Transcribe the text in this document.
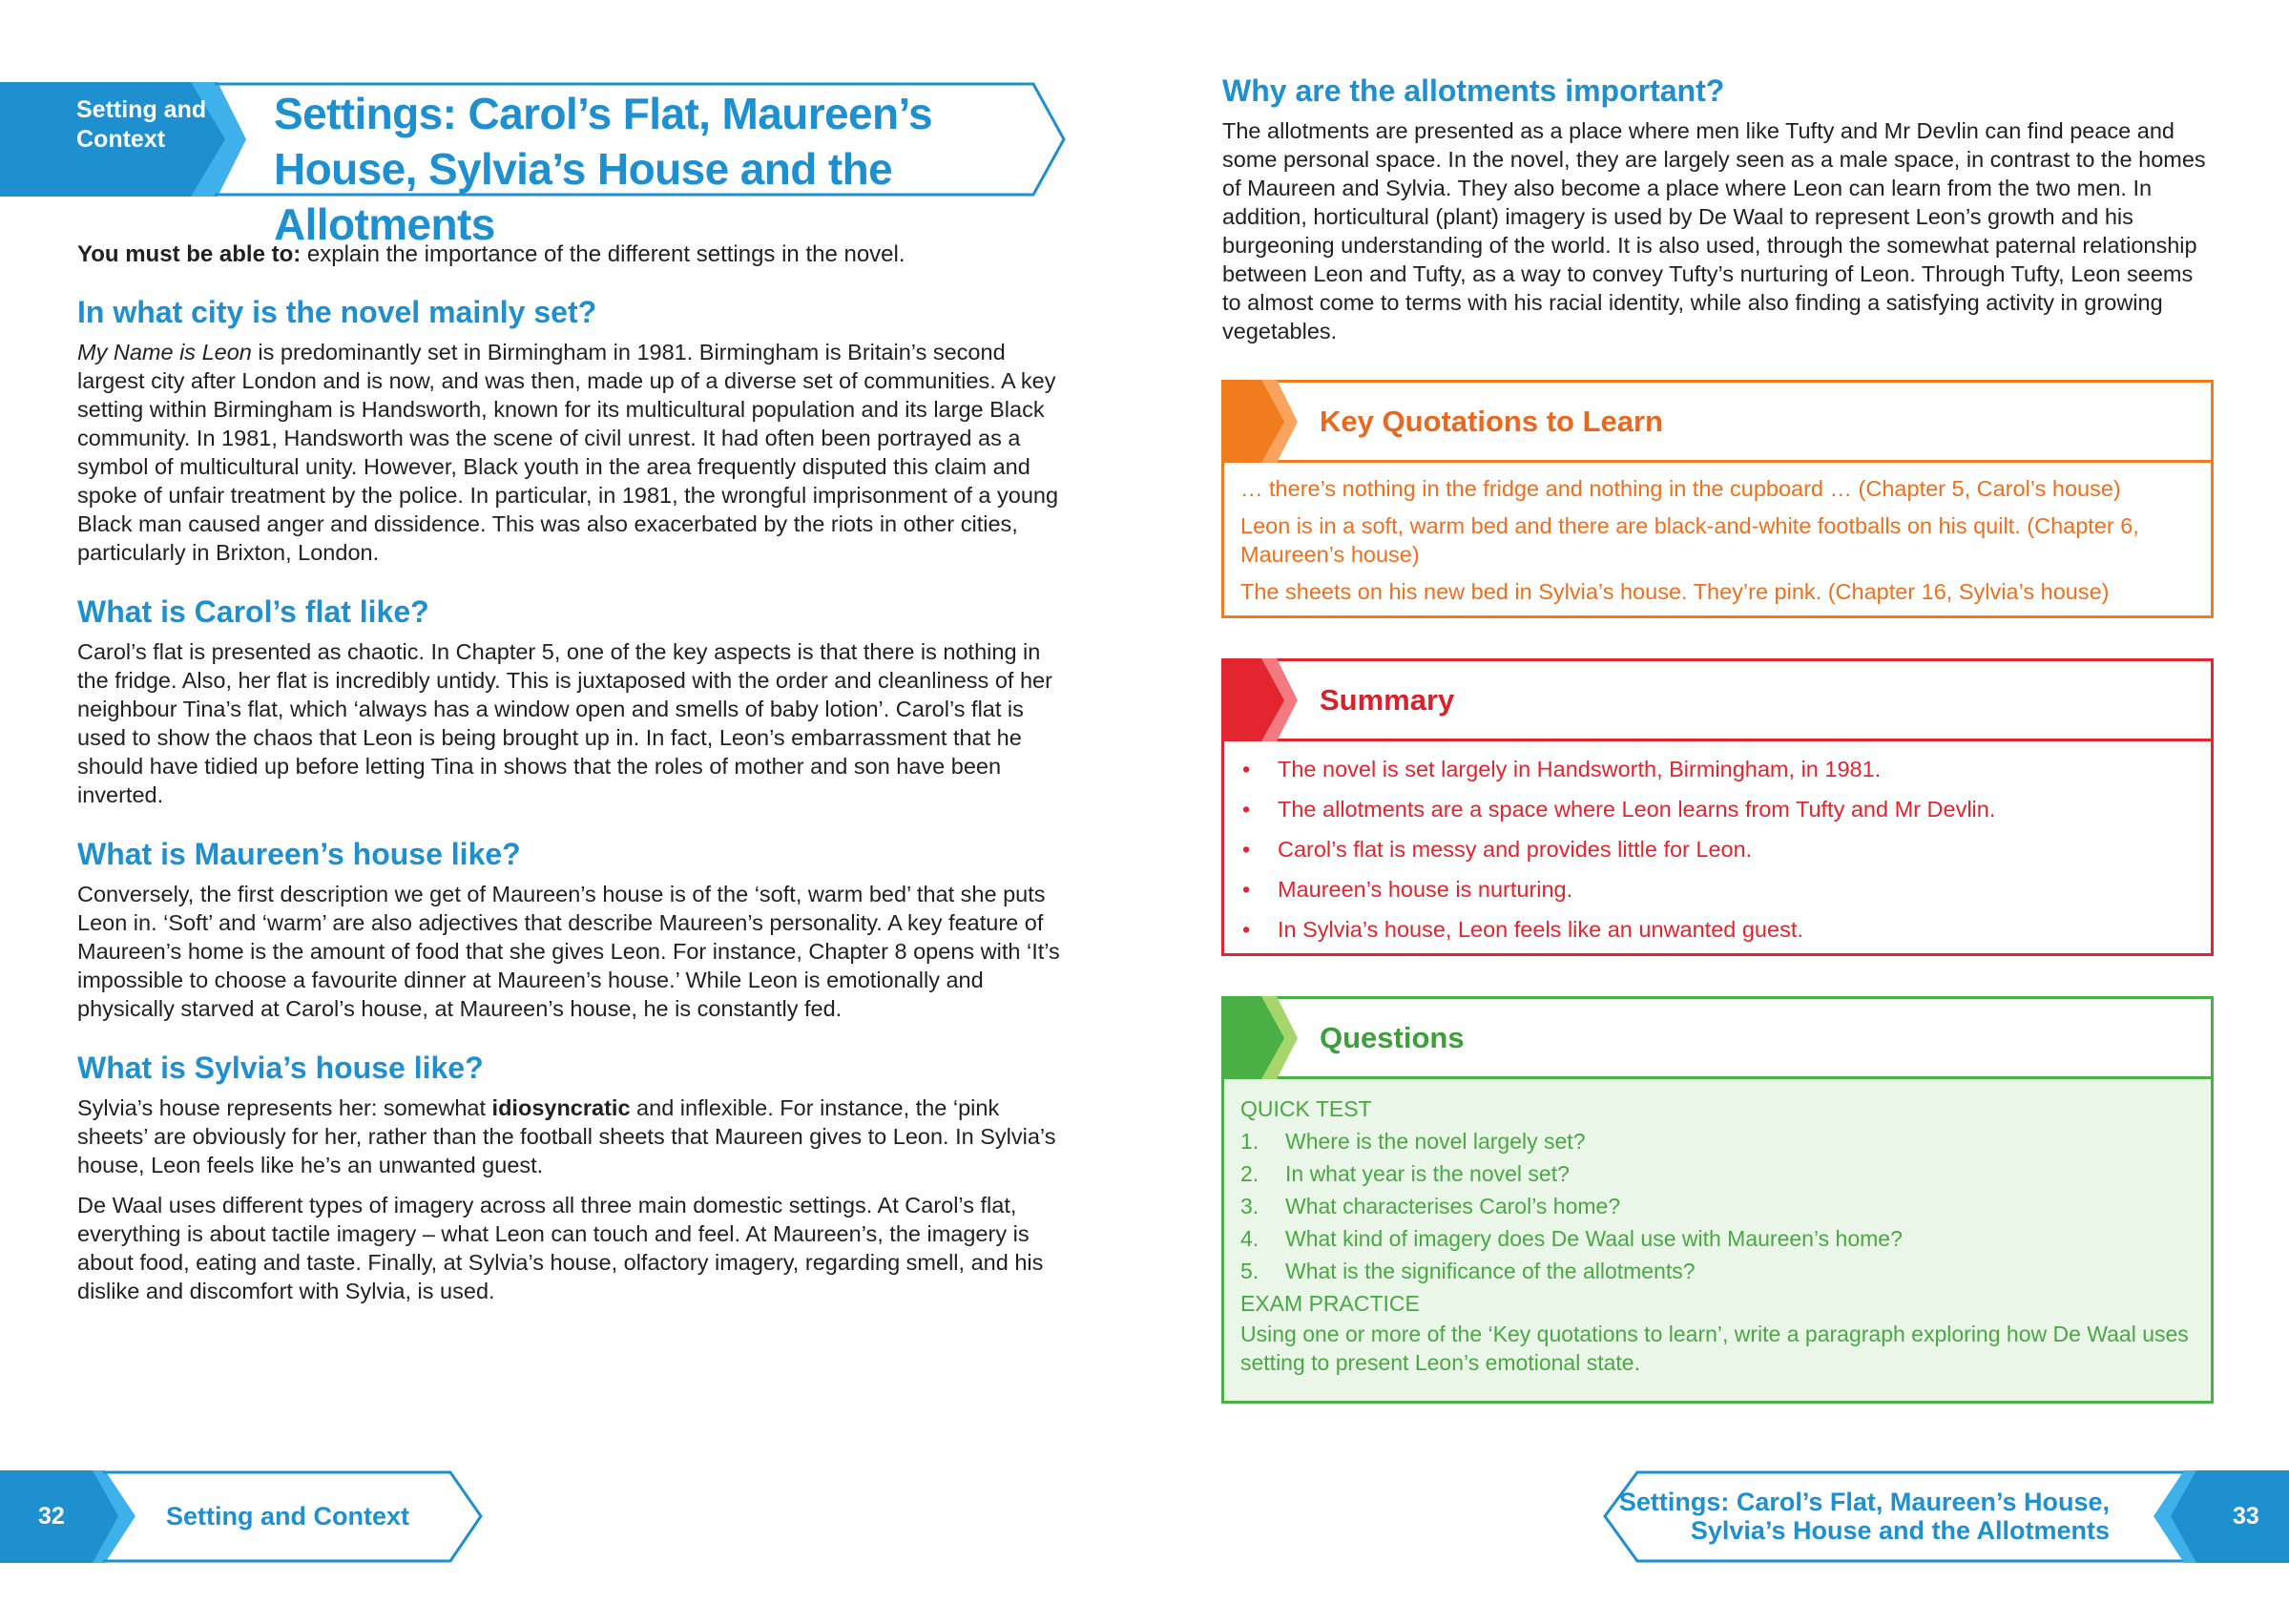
Setting and Context
Settings: Carol’s Flat, Maureen’s House, Sylvia’s House and the Allotments

You must be able to: explain the importance of the different settings in the novel.

In what city is the novel mainly set?

My Name is Leon is predominantly set in Birmingham in 1981. Birmingham is Britain’s second largest city after London and is now, and was then, made up of a diverse set of communities. A key setting within Birmingham is Handsworth, known for its multicultural population and its large Black community. In 1981, Handsworth was the scene of civil unrest. It had often been portrayed as a symbol of multicultural unity. However, Black youth in the area frequently disputed this claim and spoke of unfair treatment by the police. In particular, in 1981, the wrongful imprisonment of a young Black man caused anger and dissidence. This was also exacerbated by the riots in other cities, particularly in Brixton, London.

What is Carol’s flat like?

Carol’s flat is presented as chaotic. In Chapter 5, one of the key aspects is that there is nothing in the fridge. Also, her flat is incredibly untidy. This is juxtaposed with the order and cleanliness of her neighbour Tina’s flat, which ‘always has a window open and smells of baby lotion’. Carol’s flat is used to show the chaos that Leon is being brought up in. In fact, Leon’s embarrassment that he should have tidied up before letting Tina in shows that the roles of mother and son have been inverted.

What is Maureen’s house like?

Conversely, the first description we get of Maureen’s house is of the ‘soft, warm bed’ that she puts Leon in. ‘Soft’ and ‘warm’ are also adjectives that describe Maureen’s personality. A key feature of Maureen’s home is the amount of food that she gives Leon. For instance, Chapter 8 opens with ‘It’s impossible to choose a favourite dinner at Maureen’s house.’ While Leon is emotionally and physically starved at Carol’s house, at Maureen’s house, he is constantly fed.

What is Sylvia’s house like?

Sylvia’s house represents her: somewhat idiosyncratic and inflexible. For instance, the ‘pink sheets’ are obviously for her, rather than the football sheets that Maureen gives to Leon. In Sylvia’s house, Leon feels like he’s an unwanted guest.

De Waal uses different types of imagery across all three main domestic settings. At Carol’s flat, everything is about tactile imagery – what Leon can touch and feel. At Maureen’s, the imagery is about food, eating and taste. Finally, at Sylvia’s house, olfactory imagery, regarding smell, and his dislike and discomfort with Sylvia, is used.

Why are the allotments important?

The allotments are presented as a place where men like Tufty and Mr Devlin can find peace and some personal space. In the novel, they are largely seen as a male space, in contrast to the homes of Maureen and Sylvia. They also become a place where Leon can learn from the two men. In addition, horticultural (plant) imagery is used by De Waal to represent Leon’s growth and his burgeoning understanding of the world. It is also used, through the somewhat paternal relationship between Leon and Tufty, as a way to convey Tufty’s nurturing of Leon. Through Tufty, Leon seems to almost come to terms with his racial identity, while also finding a satisfying activity in growing vegetables.

Key Quotations to Learn

… there’s nothing in the fridge and nothing in the cupboard … (Chapter 5, Carol’s house)

Leon is in a soft, warm bed and there are black-and-white footballs on his quilt. (Chapter 6, Maureen’s house)

The sheets on his new bed in Sylvia’s house. They’re pink. (Chapter 16, Sylvia’s house)

Summary

• The novel is set largely in Handsworth, Birmingham, in 1981.

• The allotments are a space where Leon learns from Tufty and Mr Devlin.

• Carol’s flat is messy and provides little for Leon.

• Maureen’s house is nurturing.

• In Sylvia’s house, Leon feels like an unwanted guest.

Questions

QUICK TEST

1. Where is the novel largely set?

2. In what year is the novel set?

3. What characterises Carol’s home?

4. What kind of imagery does De Waal use with Maureen’s home?

5. What is the significance of the allotments?

EXAM PRACTICE

Using one or more of the ‘Key quotations to learn’, write a paragraph exploring how De Waal uses setting to present Leon’s emotional state.

32	Setting and Context	Settings: Carol’s Flat, Maureen’s House,
Sylvia’s House and the Allotments	33
